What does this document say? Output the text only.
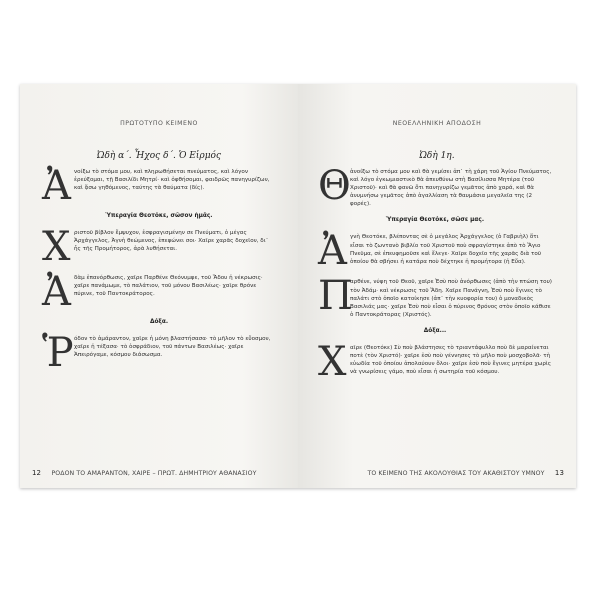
ΠΡΩΤΟΤΥΠΟ ΚΕΙΜΕΝΟ
Ὠδὴ α΄. Ἦχος δ΄. Ὁ Εἱρμός
Ἀ νοίξω τὸ στόμα μου, καὶ πληρωθήσεται πνεύματος, καὶ λόγον ἐρεύξομαι, τῇ Βασιλίδι Μητρί· καὶ ὀφθήσομαι, φαιδρῶς πανηγυρίζων, καὶ ᾄσω γηθόμενος, ταύτης τὰ θαύματα (δίς).
Ὑπεραγία Θεοτόκε, σῶσον ἡμᾶς.
Χ ριστοῦ βίβλον ἔμψυχον, ἐσφραγισμένην σε Πνεύματι, ὁ μέγας Ἀρχάγγελος, Ἁγνὴ θεώμενος, ἐπεφώνει σοι· Χαῖρε χαρᾶς δοχεῖον, δι᾽ ἧς τῆς Προμήτορος, ἀρὰ λυθήσεται.
Ἀ δὰμ ἐπανόρθωσις, χαῖρε Παρθένε Θεόνυμφε, τοῦ Ἅδου ἡ νέκρωσις· χαῖρε πανάμωμε, τὸ παλάτιον, τοῦ μόνου Βασιλέως· χαῖρε θρόνε πύρινε, τοῦ Παντοκράτορος.
Δόξα.
Ῥ όδον τὸ ἀμάραντον, χαῖρε ἡ μόνη βλαστήσασα· τὸ μῆλον τὸ εὔοσμον, χαῖρε ἡ τέξασα· τὸ ὀσφράδιον, τοῦ πάντων Βασιλέως· χαῖρε Ἀπειρόγαμε, κόσμου διάσωσμα.
12 ΡΟΔΟΝ ΤΟ ΑΜΑΡΑΝΤΟΝ, ΧΑΙΡΕ – ΠΡΩΤ. ΔΗΜΗΤΡΙΟΥ ΑΘΑΝΑΣΙΟΥ
ΝΕΟΕΛΛΗΝΙΚΗ ΑΠΟΔΟΣΗ
Ὠδὴ 1η.
Θ ἀνοίξω τὸ στόμα μου καὶ θὰ γεμίσει ἀπ᾽ τὴ χάρη τοῦ Ἁγίου Πνεύματος, καὶ λόγο ἐγκωμιαστικὸ θὰ ἀπευθύνω στὴ Βασίλισσα Μητέρα (τοῦ Χριστοῦ)· καὶ θὰ φανῶ ὅτι πανηγυρίζω γεμᾶτος ἀπὸ χαρά, καὶ θὰ ἀνυμνήσω γεμᾶτος ἀπὸ ἀγαλλίαση τὰ θαυμάσια μεγαλεῖα της (2 φορές).
Ὑπεραγία Θεοτόκε, σῶσε μας.
Ἀ γνὴ Θεοτόκε, βλέποντας σὲ ὁ μεγάλος Ἀρχάγγελος (ὁ Γαβριὴλ) ὅτι εἶσαι τὸ ζωντανὸ βιβλίο τοῦ Χριστοῦ ποὺ σφραγίστηκε ἀπὸ τὸ Ἅγιο Πνεῦμα, σὲ ἐπευφημοῦσε καὶ ἔλεγε· Χαῖρε δοχεῖο τῆς χαρᾶς διὰ τοῦ ὁποίου θὰ σβήσει ἡ κατάρα ποὺ δέχτηκε ἡ προμήτορα (ἡ Εὔα).
Π
αρθένε, νύφη τοῦ Θεοῦ, χαῖρε Ἐσὺ ποὺ ἀνόρθωσες (ἀπὸ τὴν πτώση του) τὸν Ἀδάμ· καὶ νέκρωσις τοῦ Ἅδη. Χαῖρε Πανάγνη, Ἐσὺ ποὺ ἔγινες τὸ παλάτι στὸ ὁποῖο κατοίκησε (ἀπ᾽ τὴν κυοφορία του) ὁ μοναδικὸς Βασιλιάς μας· χαῖρε Ἐσὺ ποὺ εἶσαι ὁ πύρινος θρόνος στὸν ὁποῖο κάθισε ὁ Παντοκράτορας (Χριστός).
Δόξα...
Χ αῖρε (Θεοτόκε) Σὺ ποὺ βλάστησες τὸ τριαντάφυλλο ποὺ δὲ μαραίνεται ποτὲ (τὸν Χριστό)· χαῖρε ἐσὺ ποὺ γέννησες τὸ μῆλο ποὺ μοσχοβολᾶ· τὴ εὐωδία τοῦ ὁποίου ἀπολαύουν ὅλοι· χαῖρε ἐσὺ ποὺ ἔγινες μητέρα χωρὶς νὰ γνωρίσεις γάμο, ποὺ εἶσαι ἡ σωτηρία τοῦ κόσμου.
ΤΟ ΚΕΙΜΕΝΟ ΤΗΣ ΑΚΟΛΟΥΘΙΑΣ ΤΟΥ ΑΚΑΘΙΣΤΟΥ ΥΜΝΟΥ 13
